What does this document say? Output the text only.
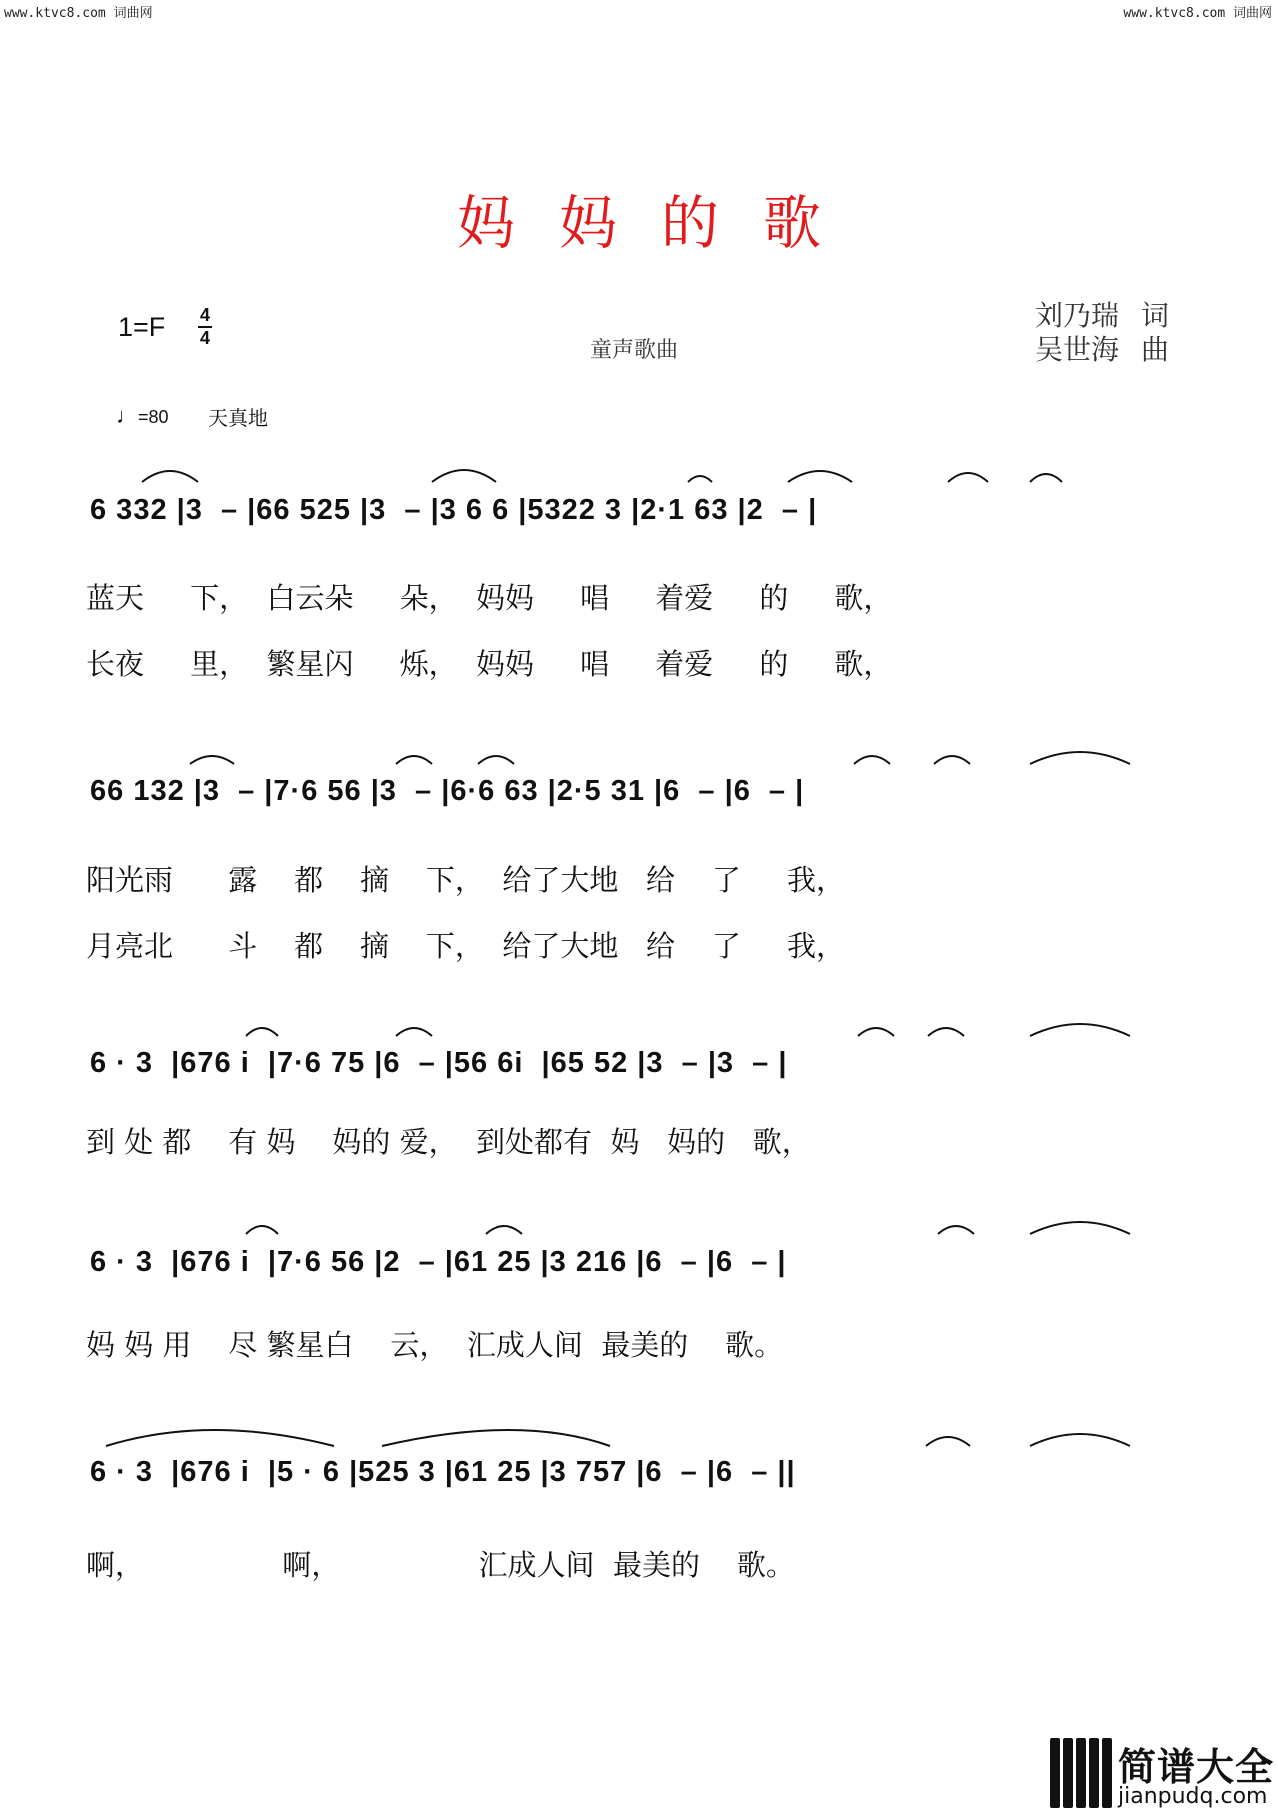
www.ktvc8.com 词曲网	www.ktvc8.com 词曲网
妈妈的歌
1=F 4
4	童声歌曲
刘乃瑞 词
吴世海 曲
♩=80 天真地
6 332 |3  – |66 525 |3  – |3 6 6 |5322 3 |2·1 63 |2  – |
蓝天     下，  白云朵     朵，  妈妈     唱     着爱     的     歌，
长夜     里，  繁星闪     烁，  妈妈     唱     着爱     的     歌，
66 132 |3  – |7·6 56 |3  – |6·6 63 |2·5 31 |6  – |6  – |
阳光雨      露    都    摘    下，  给了大地   给    了     我，
月亮北      斗    都    摘    下，  给了大地   给    了     我，
6 · 3  |676 i  |7·6 75 |6  – |56 6i  |65 52 |3  – |3  – |
到 处 都    有 妈    妈的 爱，  到处都有  妈   妈的   歌，
6 · 3  |676 i  |7·6 56 |2  – |61 25 |3 216 |6  – |6  – |
妈 妈 用    尽 繁星白    云，  汇成人间  最美的    歌。
6 · 3  |676 i  |5 · 6 |525 3 |61 25 |3 757 |6  – |6  – ||
啊，               啊，               汇成人间  最美的    歌。
简谱大全
jianpudq.com
